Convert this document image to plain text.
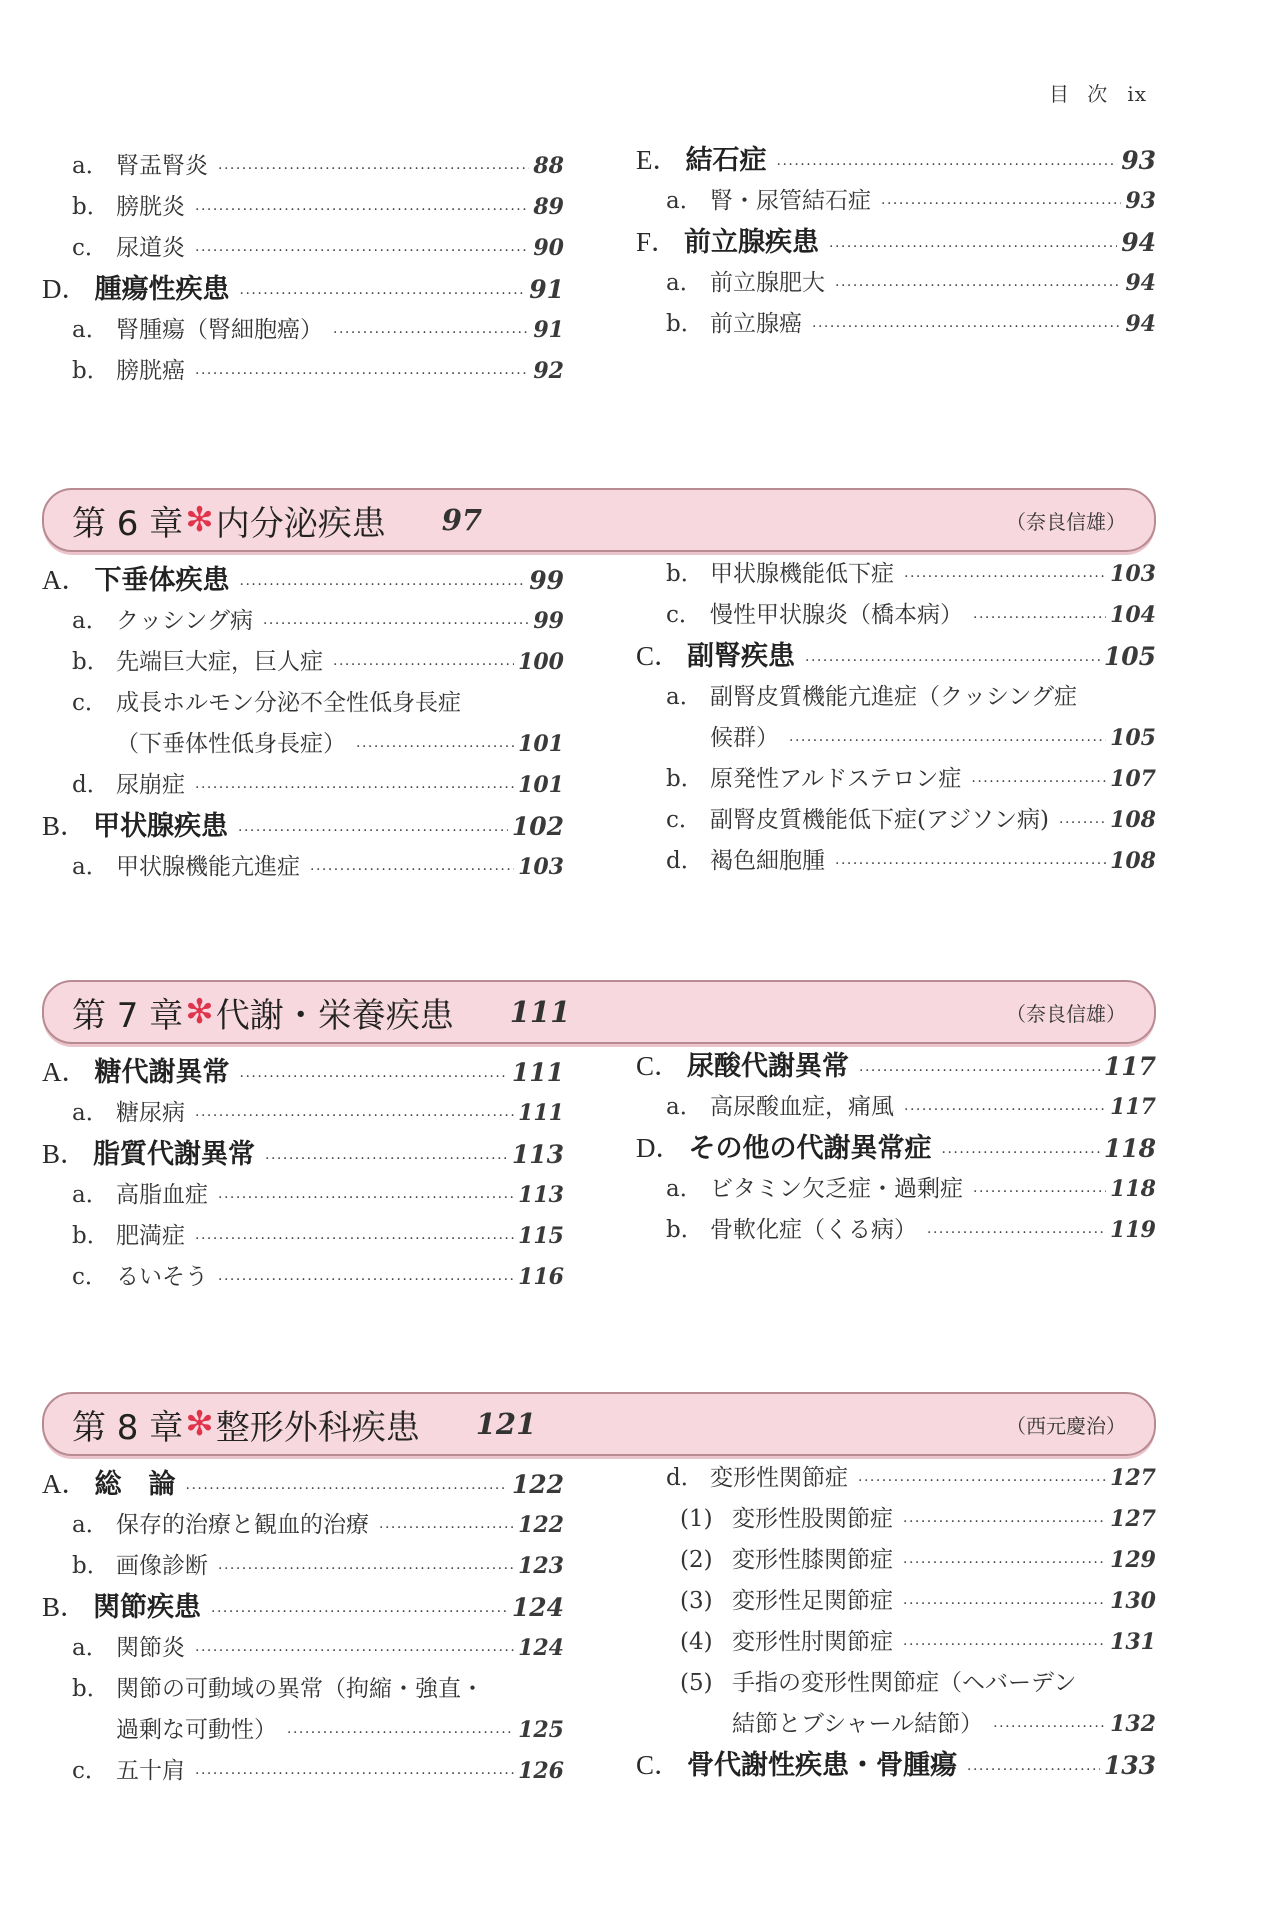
目 次 ix
a． 腎盂腎炎 ·····	88
b． 膀胱炎 ·····	89
c． 尿道炎 ·····	90
D． 腫瘍性疾患 ·····	91
a． 腎腫瘍（腎細胞癌） ·····	91
b． 膀胱癌 ·····	92
E． 結石症 ·····	93
a． 腎・尿管結石症 ·····	93
F． 前立腺疾患 ·····	94
a． 前立腺肥大 ·····	94
b． 前立腺癌 ·····	94
第 6 章 ✻ 内分泌疾患 97	（奈良信雄）
A． 下垂体疾患 ·····	99
a． クッシング病 ·····	99
b． 先端巨大症，巨人症 ·····	100
c． 成長ホルモン分泌不全性低身長症
（下垂体性低身長症） ·····	101
d． 尿崩症 ·····	101
B． 甲状腺疾患 ·····	102
a． 甲状腺機能亢進症 ·····	103
b． 甲状腺機能低下症 ·····	103
c． 慢性甲状腺炎（橋本病） ·····	104
C． 副腎疾患 ·····	105
a． 副腎皮質機能亢進症（クッシング症
候群） ·····	105
b． 原発性アルドステロン症 ·····	107
c． 副腎皮質機能低下症(アジソン病) ·····	108
d． 褐色細胞腫 ·····	108
第 7 章 ✻ 代謝・栄養疾患 111	（奈良信雄）
A． 糖代謝異常 ·····	111
a． 糖尿病 ·····	111
B． 脂質代謝異常 ·····	113
a． 高脂血症 ·····	113
b． 肥満症 ·····	115
c． るいそう ·····	116
C． 尿酸代謝異常 ·····	117
a． 高尿酸血症，痛風 ·····	117
D． その他の代謝異常症 ·····	118
a． ビタミン欠乏症・過剰症 ·····	118
b． 骨軟化症（くる病） ·····	119
第 8 章 ✻ 整形外科疾患 121	（西元慶治）
A． 総　論 ·····	122
a． 保存的治療と観血的治療 ·····	122
b． 画像診断 ·····	123
B． 関節疾患 ·····	124
a． 関節炎 ·····	124
b． 関節の可動域の異常（拘縮・強直・
過剰な可動性） ·····	125
c． 五十肩 ·····	126
d． 変形性関節症 ·····	127
(1) 変形性股関節症 ·····	127
(2) 変形性膝関節症 ·····	129
(3) 変形性足関節症 ·····	130
(4) 変形性肘関節症 ·····	131
(5) 手指の変形性関節症（ヘバーデン
結節とブシャール結節） ·····	132
C． 骨代謝性疾患・骨腫瘍 ·····	133
